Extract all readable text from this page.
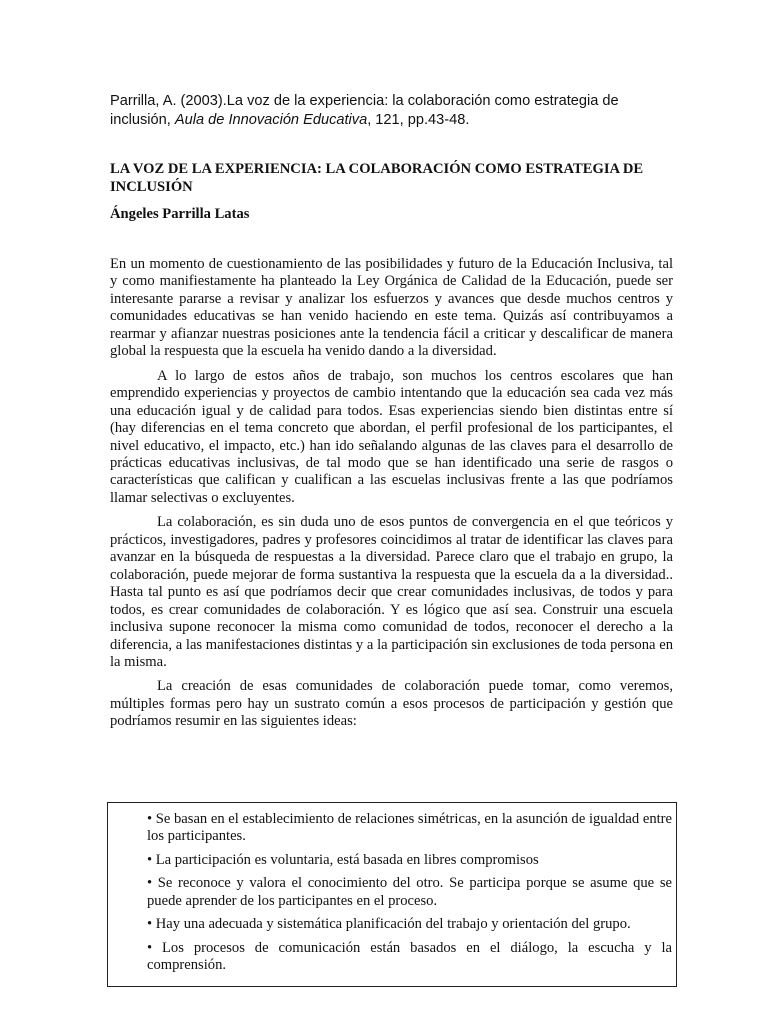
Parrilla, A. (2003).La voz de la experiencia: la colaboración como estrategia de inclusión, Aula de Innovación Educativa, 121, pp.43-48.
LA VOZ DE LA EXPERIENCIA: LA COLABORACIÓN COMO ESTRATEGIA DE INCLUSIÓN
Ángeles Parrilla Latas

En un momento de cuestionamiento de las posibilidades y futuro de la Educación Inclusiva, tal y como manifiestamente ha planteado la Ley Orgánica de Calidad de la Educación, puede ser interesante pararse a revisar y analizar los esfuerzos y avances que desde muchos centros y comunidades educativas se han venido haciendo en este tema. Quizás así contribuyamos a rearmar y afianzar nuestras posiciones ante la tendencia fácil a criticar y descalificar de manera global la respuesta que la escuela ha venido dando a la diversidad.

A lo largo de estos años de trabajo, son muchos los centros escolares que han emprendido experiencias y proyectos de cambio intentando que la educación sea cada vez más una educación igual y de calidad para todos. Esas experiencias siendo bien distintas entre sí (hay diferencias en el tema concreto que abordan, el perfil profesional de los participantes, el nivel educativo, el impacto, etc.) han ido señalando algunas de las claves para el desarrollo de prácticas educativas inclusivas, de tal modo que se han identificado una serie de rasgos o características que califican y cualifican a las escuelas inclusivas frente a las que podríamos llamar selectivas o excluyentes.

La colaboración, es sin duda uno de esos puntos de convergencia en el que teóricos y prácticos, investigadores, padres y profesores coincidimos al tratar de identificar las claves para avanzar en la búsqueda de respuestas a la diversidad. Parece claro que el trabajo en grupo, la colaboración, puede mejorar de forma sustantiva la respuesta que la escuela da a la diversidad.. Hasta tal punto es así que podríamos decir que crear comunidades inclusivas, de todos y para todos, es crear comunidades de colaboración. Y es lógico que así sea. Construir una escuela inclusiva supone reconocer la misma como comunidad de todos, reconocer el derecho a la diferencia, a las manifestaciones distintas y a la participación sin exclusiones de toda persona en la misma.

La creación de esas comunidades de colaboración puede tomar, como veremos, múltiples formas pero hay un sustrato común a esos procesos de participación y gestión que podríamos resumir en las siguientes ideas:

• Se basan en el establecimiento de relaciones simétricas, en la asunción de igualdad entre los participantes.
• La participación es voluntaria, está basada en libres compromisos
• Se reconoce y valora el conocimiento del otro. Se participa porque se asume que se puede aprender de los participantes en el proceso.
• Hay una adecuada y sistemática planificación del trabajo y orientación del grupo.
• Los procesos de comunicación están basados en el diálogo, la escucha y la comprensión.
